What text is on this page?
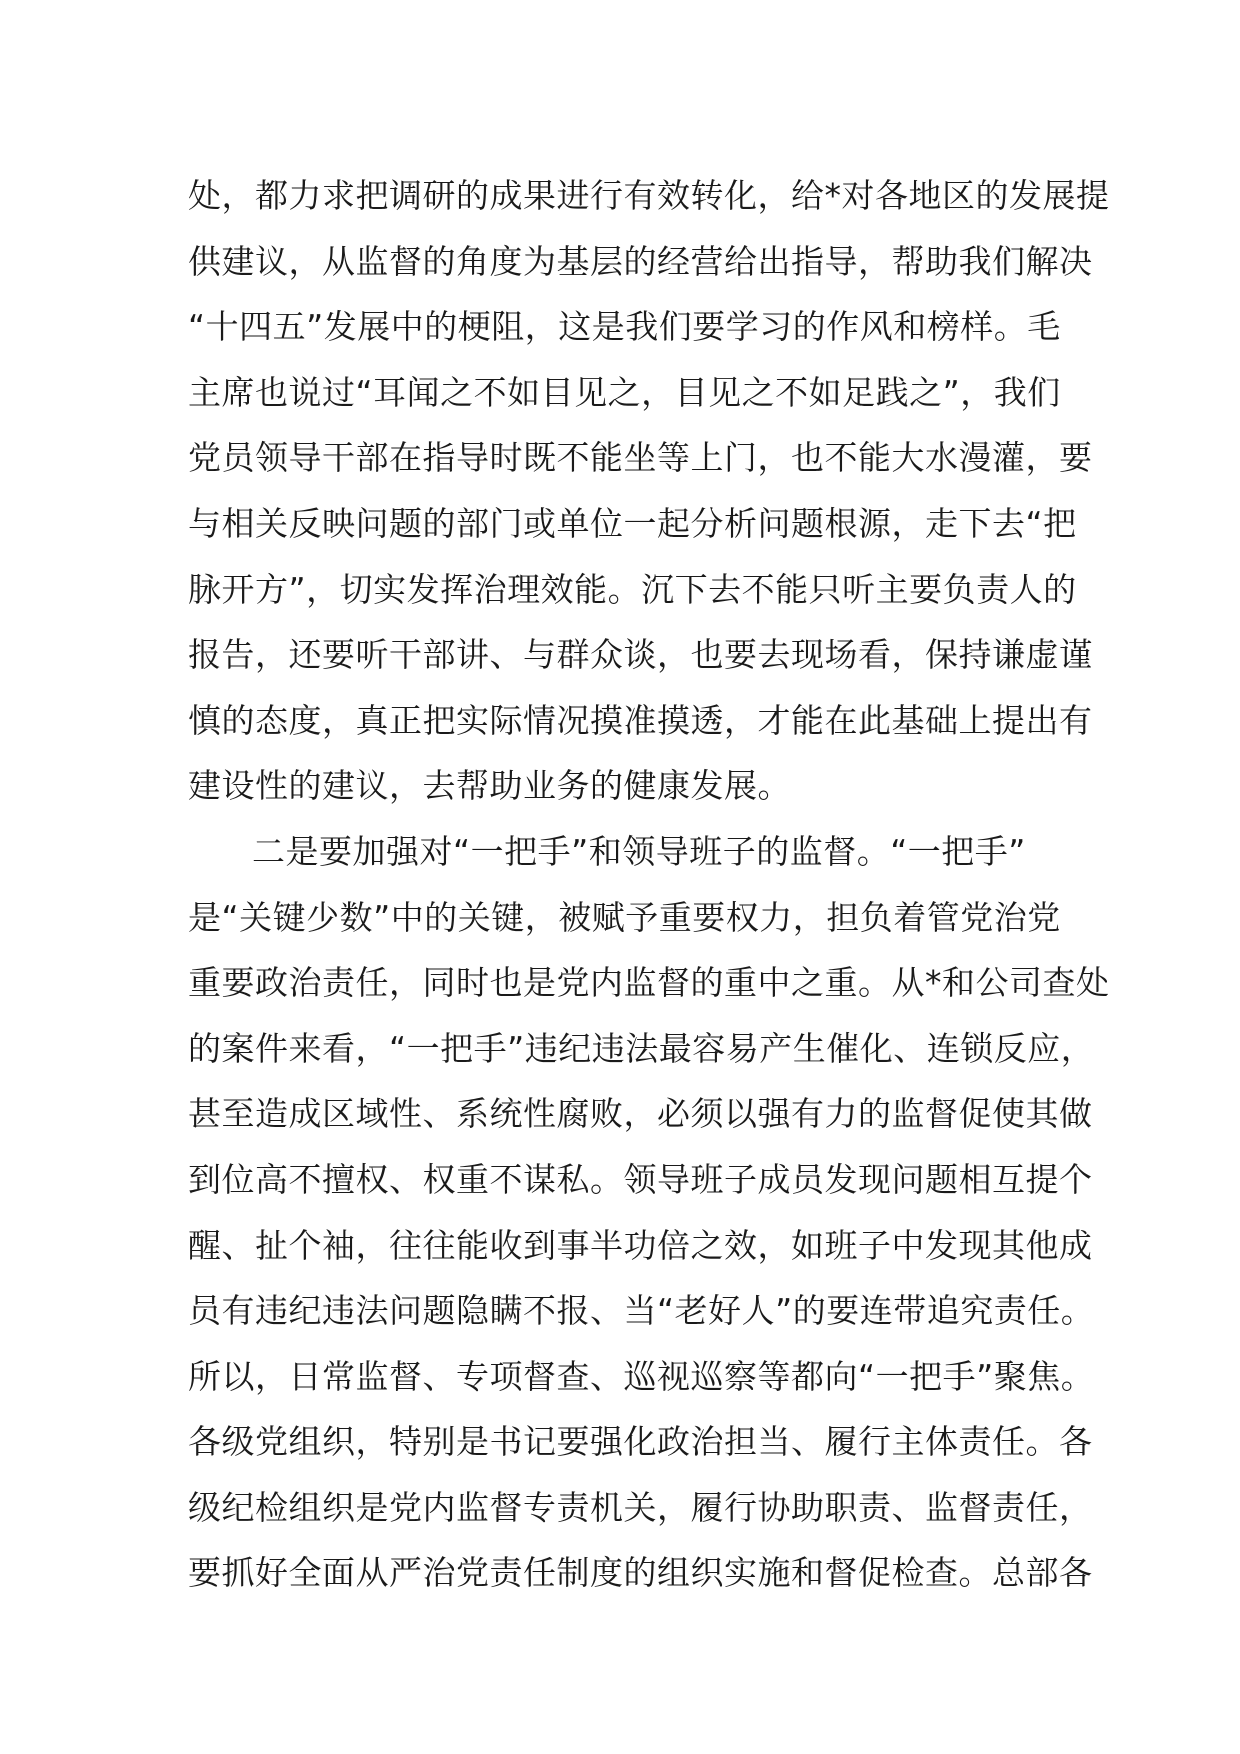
处，都力求把调研的成果进行有效转化，给*对各地区的发展提
供建议，从监督的角度为基层的经营给出指导，帮助我们解决
“十四五”发展中的梗阻，这是我们要学习的作风和榜样。毛
主席也说过“耳闻之不如目见之，目见之不如足践之”，我们
党员领导干部在指导时既不能坐等上门，也不能大水漫灌，要
与相关反映问题的部门或单位一起分析问题根源，走下去“把
脉开方”，切实发挥治理效能。沉下去不能只听主要负责人的
报告，还要听干部讲、与群众谈，也要去现场看，保持谦虚谨
慎的态度，真正把实际情况摸准摸透，才能在此基础上提出有
建设性的建议，去帮助业务的健康发展。
二是要加强对“一把手”和领导班子的监督。“一把手”
是“关键少数”中的关键，被赋予重要权力，担负着管党治党
重要政治责任，同时也是党内监督的重中之重。从*和公司查处
的案件来看，“一把手”违纪违法最容易产生催化、连锁反应，
甚至造成区域性、系统性腐败，必须以强有力的监督促使其做
到位高不擅权、权重不谋私。领导班子成员发现问题相互提个
醒、扯个袖，往往能收到事半功倍之效，如班子中发现其他成
员有违纪违法问题隐瞒不报、当“老好人”的要连带追究责任。
所以，日常监督、专项督查、巡视巡察等都向“一把手”聚焦。
各级党组织，特别是书记要强化政治担当、履行主体责任。各
级纪检组织是党内监督专责机关，履行协助职责、监督责任，
要抓好全面从严治党责任制度的组织实施和督促检查。总部各
